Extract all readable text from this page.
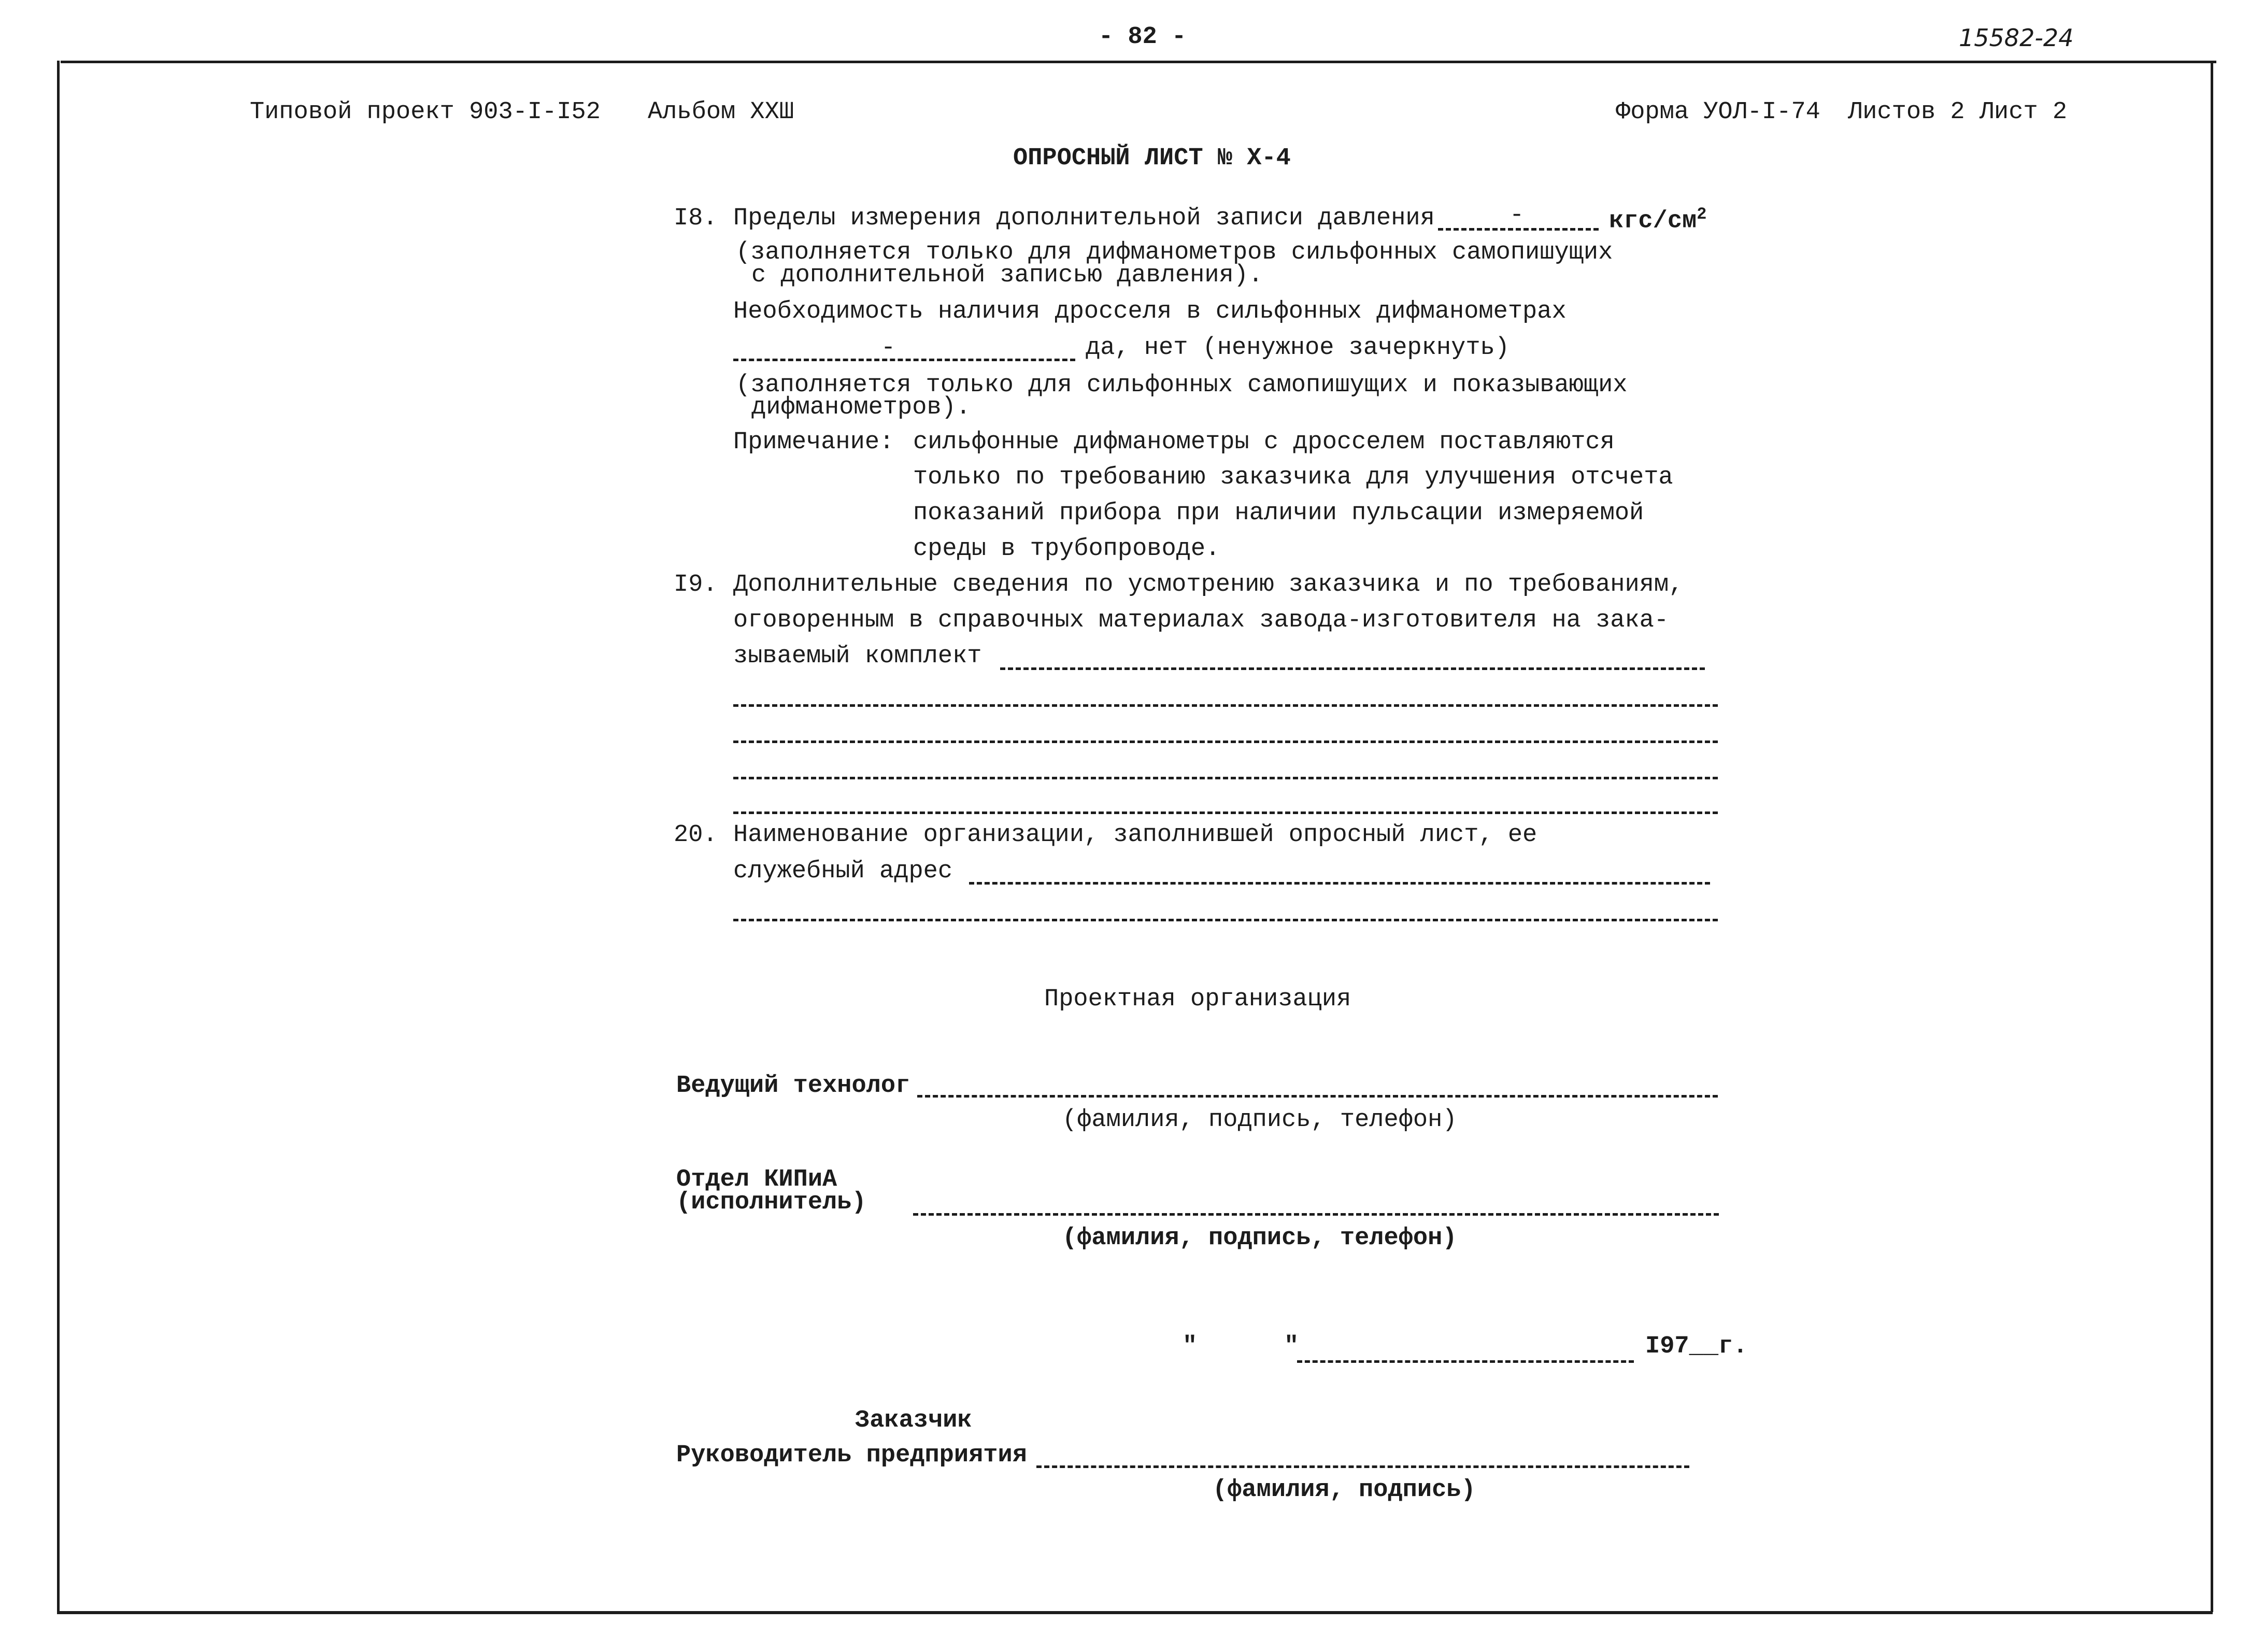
- 82 -	15582-24
Типовой проект 903-I-I52 Альбом XXШ	Форма УОЛ-I-74 Листов 2 Лист 2
ОПРОСНЫЙ ЛИСТ № Х-4
I8. Пределы измерения дополнительной записи давления	-	кгс/$см^2$
(заполняется только для дифманометров сильфонных самопишущих
с дополнительной записью давления).
Необходимость наличия дросселя в сильфонных дифманометрах
-	да, нет (ненужное зачеркнуть)
(заполняется только для сильфонных самопишущих и показывающих
дифманометров).
Примечание: сильфонные дифманометры с дросселем поставляются
только по требованию заказчика для улучшения отсчета
показаний прибора при наличии пульсации измеряемой
среды в трубопроводе.
I9. Дополнительные сведения по усмотрению заказчика и по требованиям,
оговоренным в справочных материалах завода-изготовителя на зака-
зываемый комплект
20. Наименование организации, заполнившей опросный лист, ее
служебный адрес
Проектная организация
Ведущий технолог
(фамилия, подпись, телефон)
Отдел КИПиА
(исполнитель)
(фамилия, подпись, телефон)
"	"	I97__г.
Заказчик
Руководитель предприятия
(фамилия, подпись)
